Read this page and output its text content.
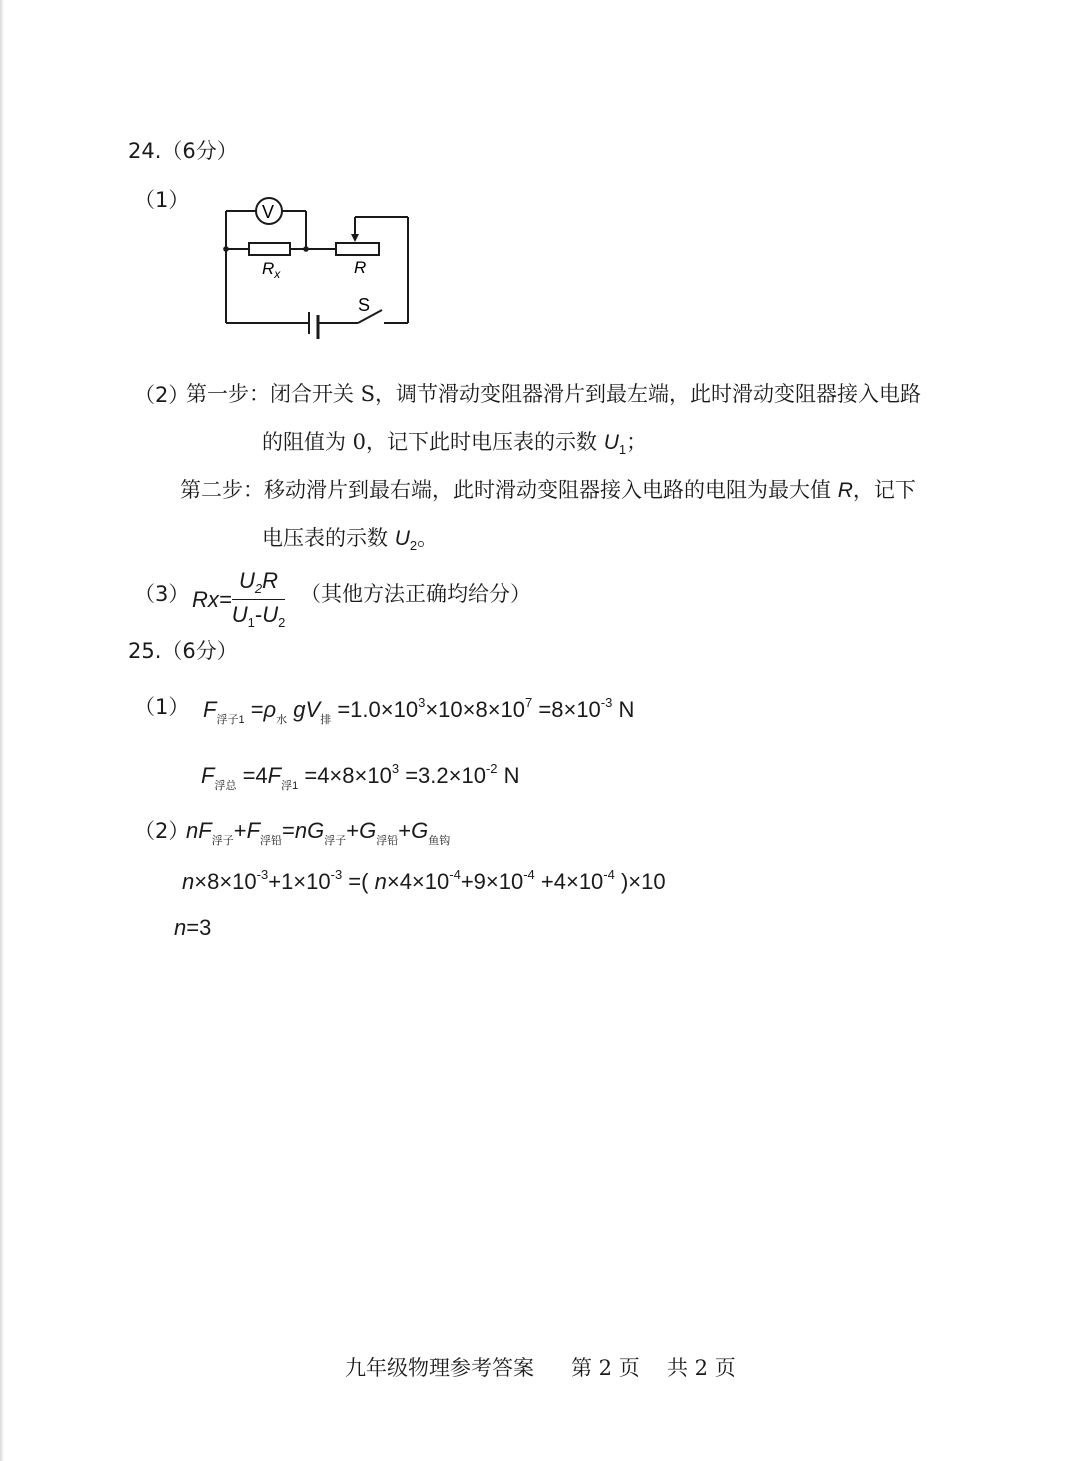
24.（6分）
（1）	V
$R_x$	R
S
（2）
第一步：闭合开关 S，调节滑动变阻器滑片到最左端，此时滑动变阻器接入电路
的阻值为 0，记下此时电压表的示数 $U_1$；
第二步：移动滑片到最右端，此时滑动变阻器接入电路的电阻为最大值 R，记下
电压表的示数 $U_2$。
（3） $Rx= \frac{U_2R}{U_1-U_2}$ （其他方法正确均给分）
25.（6分）
（1） $F_{浮子1} =\rho_水$ $gV_排 =1.0\times 10^3\times 10\times 8\times 10^7 =8\times 10^{-3}$ N
$F_{浮总} =4F_{浮1} =4\times 8\times 10^3 =3.2\times 10^{-2}$ N
（2）
$nF_{浮子}+F_{浮铅}=nG_{浮子}+G_{浮铅}+G_{鱼钩}$
$n\times 8\times 10^{-3}+1\times 10^{-3}$ =( $n\times 4\times 10^{-4}+9\times 10^{-4} +4\times 10^{-4}$ )×10
n=3
九年级物理参考答案 第 2 页 共 2 页
